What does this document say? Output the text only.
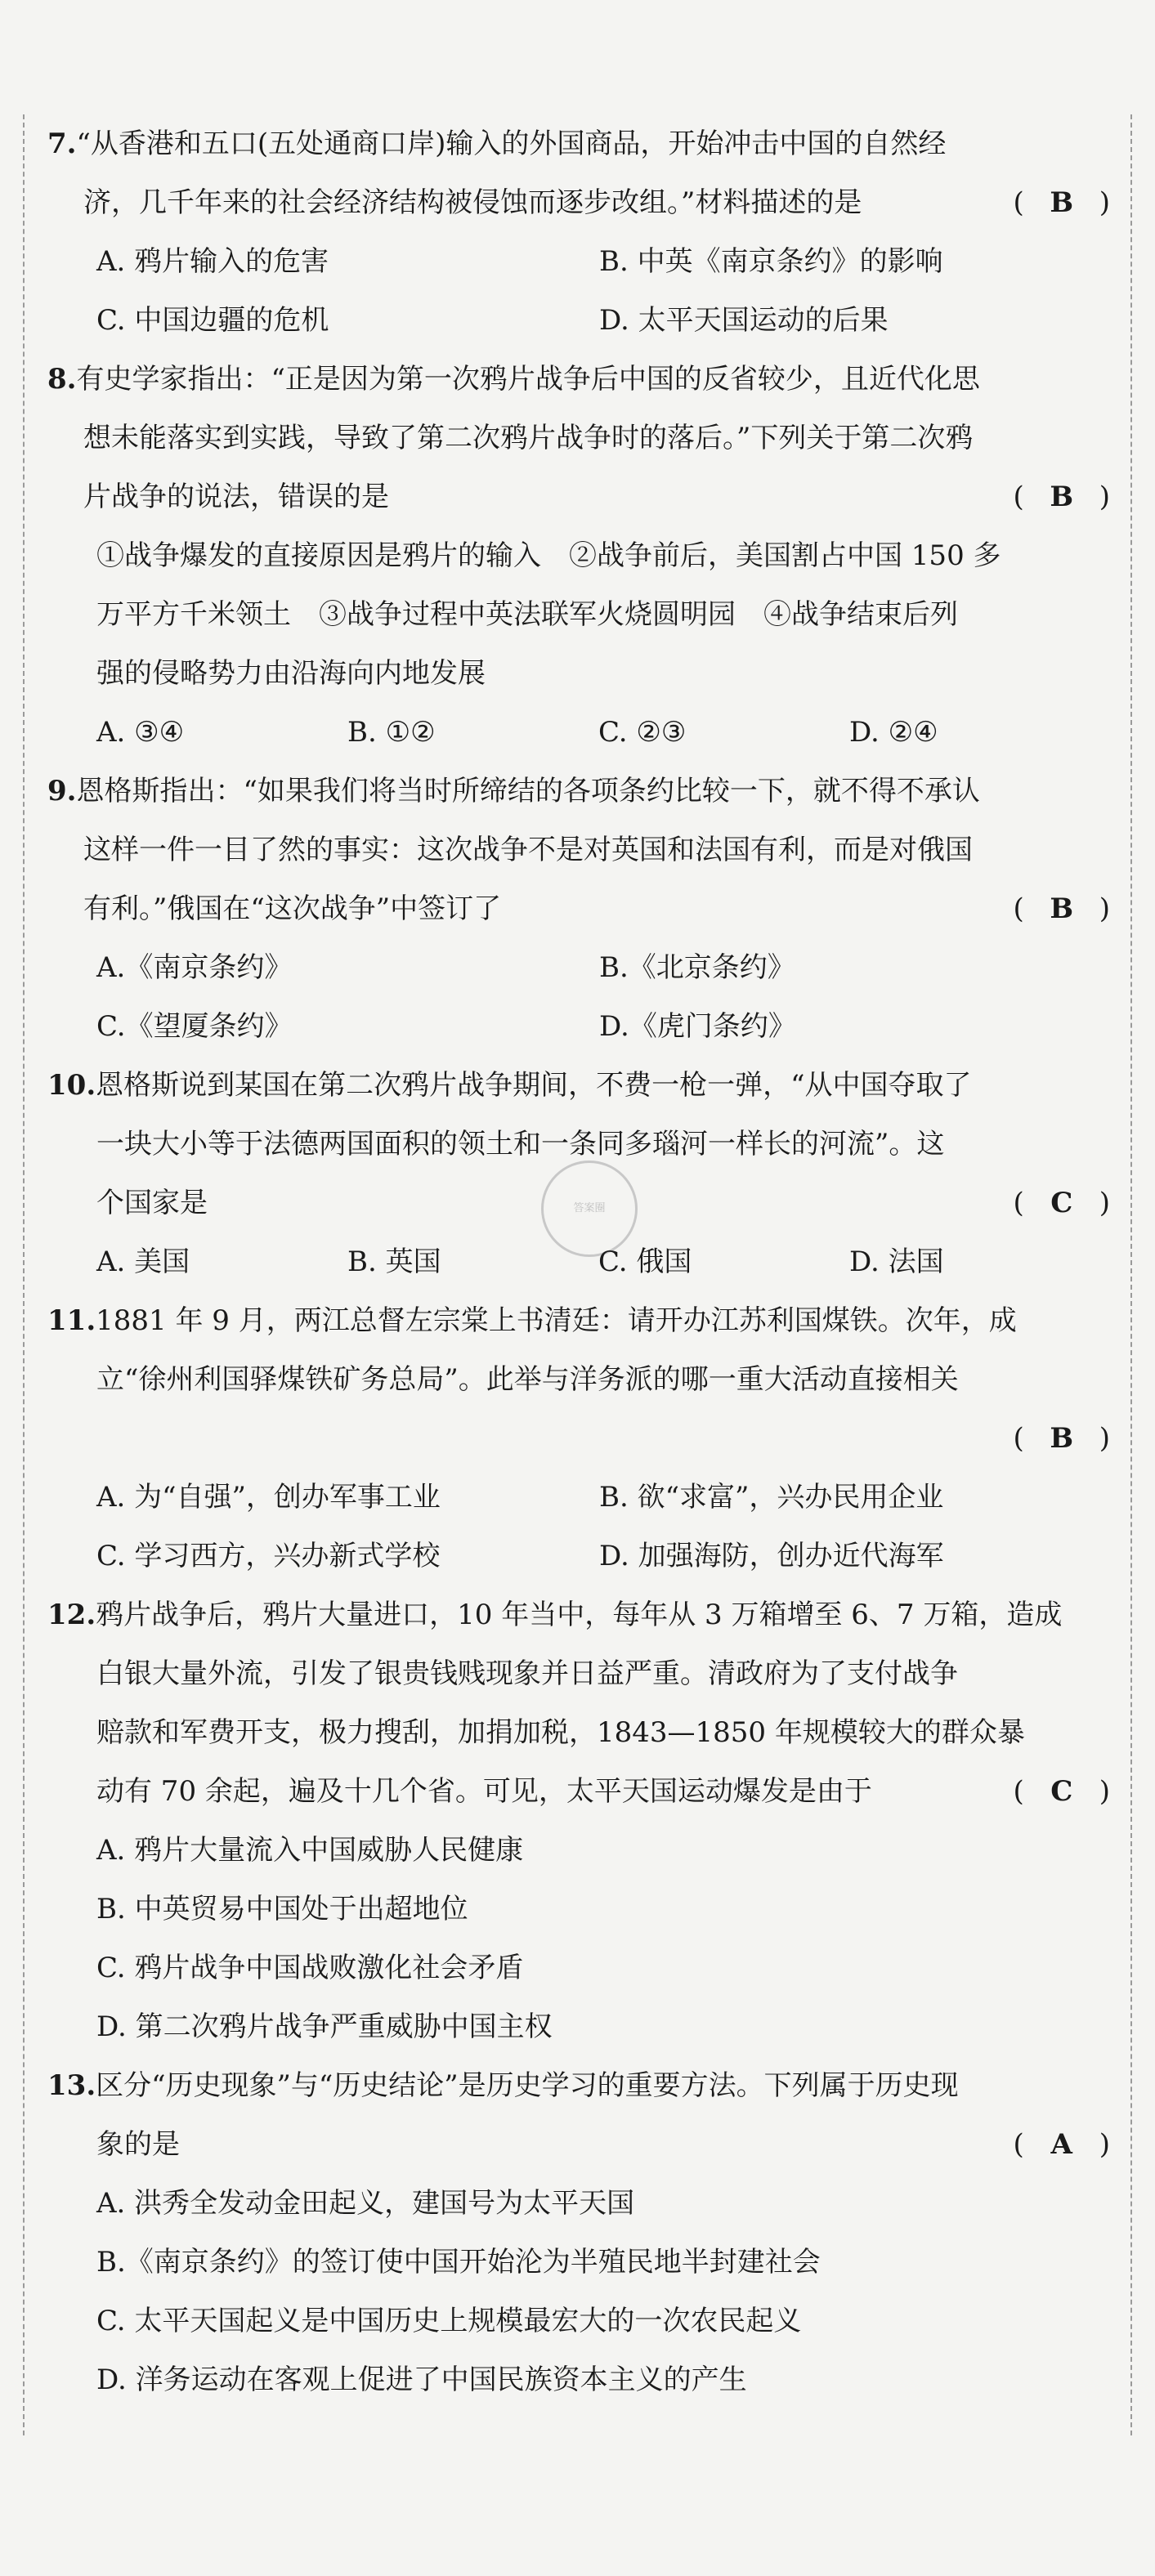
答案圈
7.“从香港和五口(五处通商口岸)输入的外国商品，开始冲击中国的自然经
济，几千年来的社会经济结构被侵蚀而逐步改组。”材料描述的是	( B )
A. 鸦片输入的危害	B. 中英《南京条约》的影响
C. 中国边疆的危机	D. 太平天国运动的后果
8.有史学家指出：“正是因为第一次鸦片战争后中国的反省较少，且近代化思
想未能落实到实践，导致了第二次鸦片战争时的落后。”下列关于第二次鸦
片战争的说法，错误的是	( B )
①战争爆发的直接原因是鸦片的输入　②战争前后，美国割占中国 150 多
万平方千米领土　③战争过程中英法联军火烧圆明园　④战争结束后列
强的侵略势力由沿海向内地发展
A. ③④	B. ①②	C. ②③	D. ②④
9.恩格斯指出：“如果我们将当时所缔结的各项条约比较一下，就不得不承认
这样一件一目了然的事实：这次战争不是对英国和法国有利，而是对俄国
有利。”俄国在“这次战争”中签订了	( B )
A.《南京条约》	B.《北京条约》
C.《望厦条约》	D.《虎门条约》
10.恩格斯说到某国在第二次鸦片战争期间，不费一枪一弹，“从中国夺取了
一块大小等于法德两国面积的领土和一条同多瑙河一样长的河流”。这
个国家是	( C )
A. 美国	B. 英国	C. 俄国	D. 法国
11.1881 年 9 月，两江总督左宗棠上书清廷：请开办江苏利国煤铁。次年，成
立“徐州利国驿煤铁矿务总局”。此举与洋务派的哪一重大活动直接相关

( B )
A. 为“自强”，创办军事工业	B. 欲“求富”，兴办民用企业
C. 学习西方，兴办新式学校	D. 加强海防，创办近代海军
12.鸦片战争后，鸦片大量进口，10 年当中，每年从 3 万箱增至 6、7 万箱，造成
白银大量外流，引发了银贵钱贱现象并日益严重。清政府为了支付战争
赔款和军费开支，极力搜刮，加捐加税，1843—1850 年规模较大的群众暴
动有 70 余起，遍及十几个省。可见，太平天国运动爆发是由于	( C )
A. 鸦片大量流入中国威胁人民健康
B. 中英贸易中国处于出超地位
C. 鸦片战争中国战败激化社会矛盾
D. 第二次鸦片战争严重威胁中国主权
13.区分“历史现象”与“历史结论”是历史学习的重要方法。下列属于历史现
象的是	( A )
A. 洪秀全发动金田起义，建国号为太平天国
B.《南京条约》的签订使中国开始沦为半殖民地半封建社会
C. 太平天国起义是中国历史上规模最宏大的一次农民起义
D. 洋务运动在客观上促进了中国民族资本主义的产生
